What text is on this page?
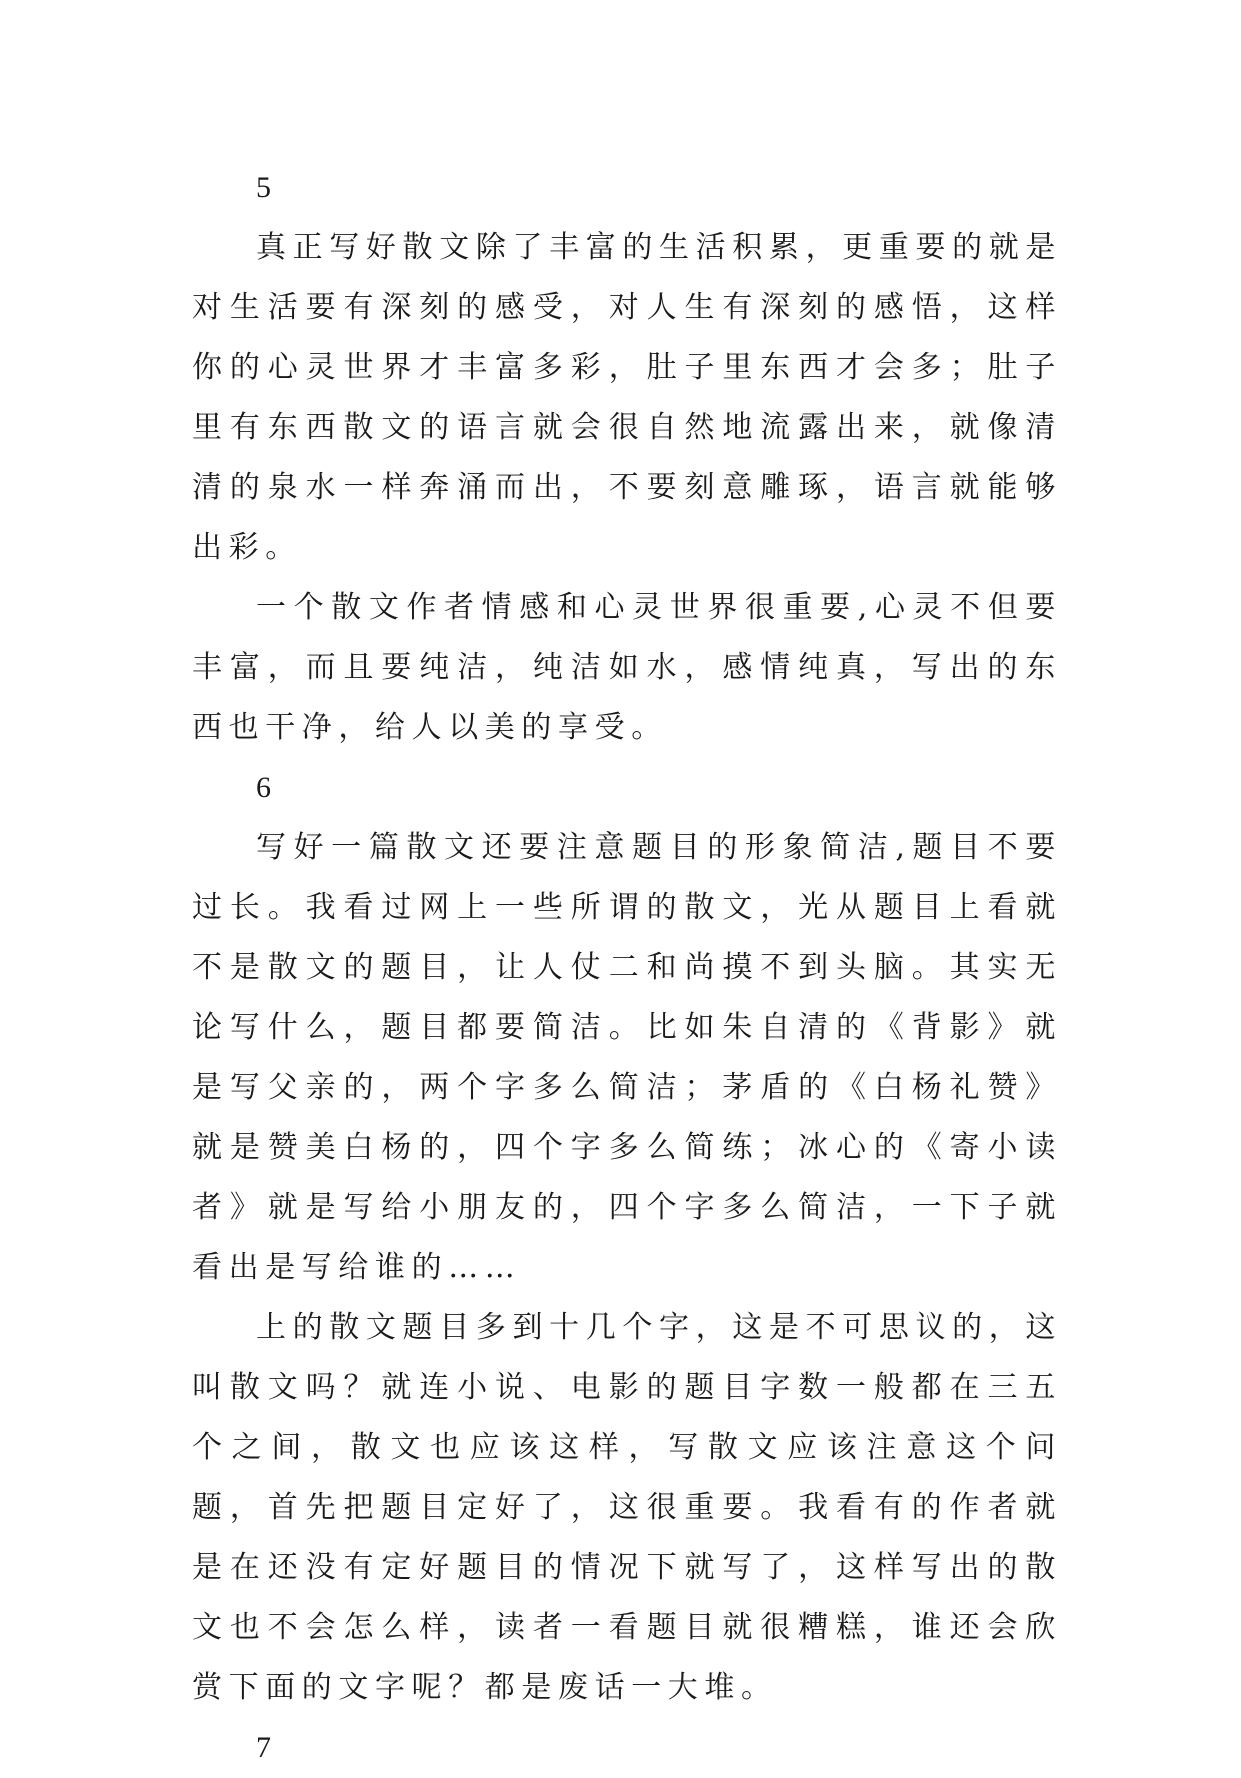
5

真正写好散文除了丰富的生活积累，更重要的就是对生活要有深刻的感受，对人生有深刻的感悟，这样你的心灵世界才丰富多彩，肚子里东西才会多；肚子里有东西散文的语言就会很自然地流露出来，就像清清的泉水一样奔涌而出，不要刻意雕琢，语言就能够出彩。

一个散文作者情感和心灵世界很重要,心灵不但要丰富，而且要纯洁，纯洁如水，感情纯真，写出的东西也干净，给人以美的享受。

6

写好一篇散文还要注意题目的形象简洁,题目不要过长。我看过网上一些所谓的散文，光从题目上看就不是散文的题目，让人仗二和尚摸不到头脑。其实无论写什么，题目都要简洁。比如朱自清的《背影》就是写父亲的，两个字多么简洁；茅盾的《白杨礼赞》就是赞美白杨的，四个字多么简练；冰心的《寄小读者》就是写给小朋友的，四个字多么简洁，一下子就看出是写给谁的……

上的散文题目多到十几个字，这是不可思议的，这叫散文吗？就连小说、电影的题目字数一般都在三五个之间，散文也应该这样，写散文应该注意这个问题，首先把题目定好了，这很重要。我看有的作者就是在还没有定好题目的情况下就写了，这样写出的散文也不会怎么样，读者一看题目就很糟糕，谁还会欣赏下面的文字呢？都是废话一大堆。

7
